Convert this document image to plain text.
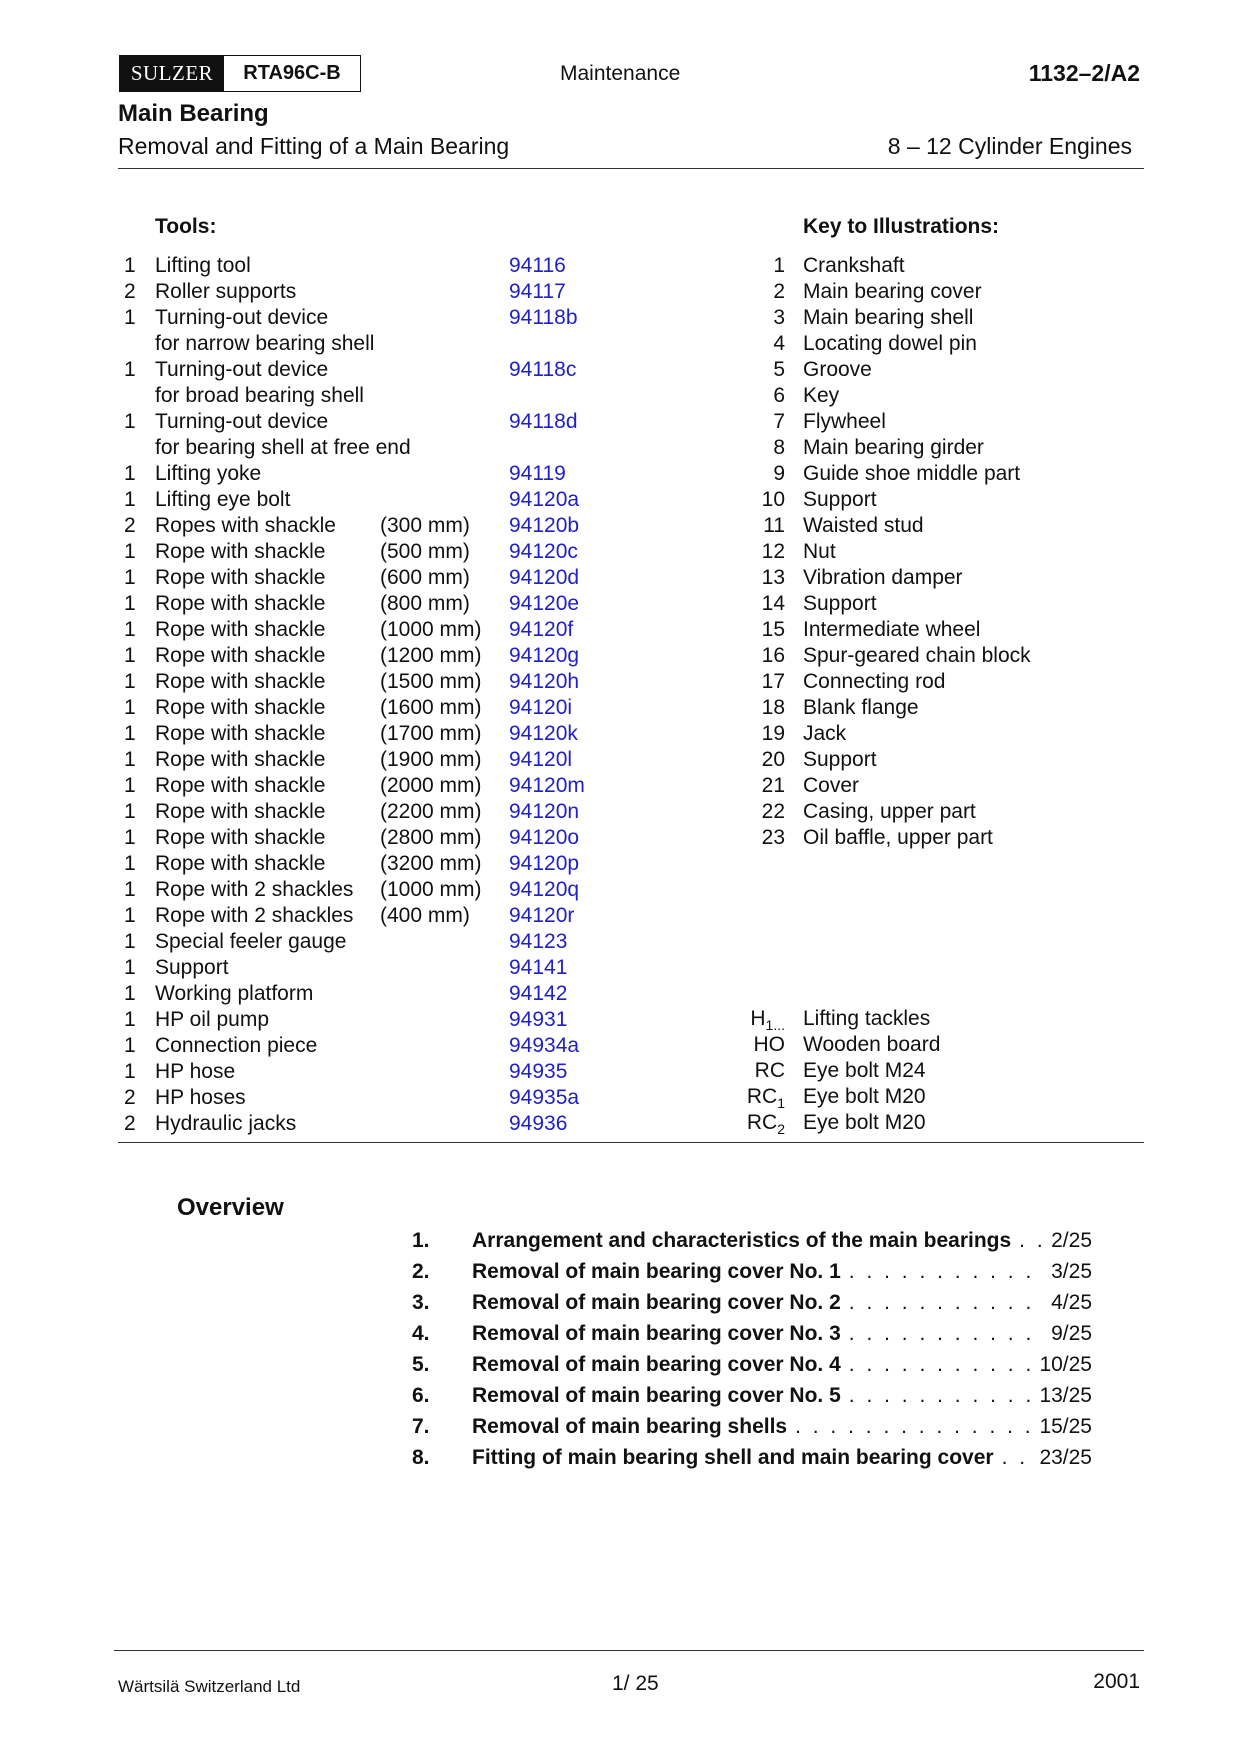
SULZER	RTA96C-B	Maintenance	1132–2/A2
Main Bearing
Removal and Fitting of a Main Bearing	8 – 12 Cylinder Engines
Tools:	Key to Illustrations:
1 Lifting tool	94116
2 Roller supports	94117
1 Turning-out device	94118b
for narrow bearing shell
1 Turning-out device	94118c
for broad bearing shell
1 Turning-out device	94118d
for bearing shell at free end
1 Lifting yoke	94119
1 Lifting eye bolt	94120a
2 Ropes with shackle (300 mm) 94120b
1 Rope with shackle	(500 mm) 94120c
1 Rope with shackle	(600 mm) 94120d
1 Rope with shackle	(800 mm) 94120e
1 Rope with shackle	(1000 mm) 94120f
1 Rope with shackle	(1200 mm) 94120g
1 Rope with shackle	(1500 mm) 94120h
1 Rope with shackle	(1600 mm) 94120i
1 Rope with shackle	(1700 mm) 94120k
1 Rope with shackle	(1900 mm) 94120l
1 Rope with shackle	(2000 mm) 94120m
1 Rope with shackle	(2200 mm) 94120n
1 Rope with shackle	(2800 mm) 94120o
1 Rope with shackle	(3200 mm) 94120p
1 Rope with 2 shackles (1000 mm) 94120q
1 Rope with 2 shackles (400 mm) 94120r
1 Special feeler gauge	94123
1 Support	94141
1 Working platform	94142
1 HP oil pump	94931
1 Connection piece	94934a
1 HP hose	94935
2 HP hoses	94935a
2 Hydraulic jacks	94936
1 Crankshaft
2 Main bearing cover
3 Main bearing shell
4 Locating dowel pin
5 Groove
6 Key
7 Flywheel
8 Main bearing girder
9 Guide shoe middle part
10 Support
11 Waisted stud
12 Nut
13 Vibration damper
14 Support
15 Intermediate wheel
16 Spur-geared chain block
17 Connecting rod
18 Blank flange
19 Jack
20 Support
21 Cover
22 Casing, upper part
23 Oil baffle, upper part
$H_{1...}$ Lifting tackles
HO Wooden board
RC Eye bolt M24
$RC_1$ Eye bolt M20
$RC_2$ Eye bolt M20
Overview
1. Arrangement and characteristics of the main bearings . . .	2/25
2. Removal of main bearing cover No. 1 . . .	3/25
3. Removal of main bearing cover No. 2 . . .	4/25
4. Removal of main bearing cover No. 3 . . .	9/25
5. Removal of main bearing cover No. 4 . . .	10/25
6. Removal of main bearing cover No. 5 . . .	13/25
7. Removal of main bearing shells . . .	15/25
8. Fitting of main bearing shell and main bearing cover . . .	23/25
Wärtsilä Switzerland Ltd	1/ 25	2001
